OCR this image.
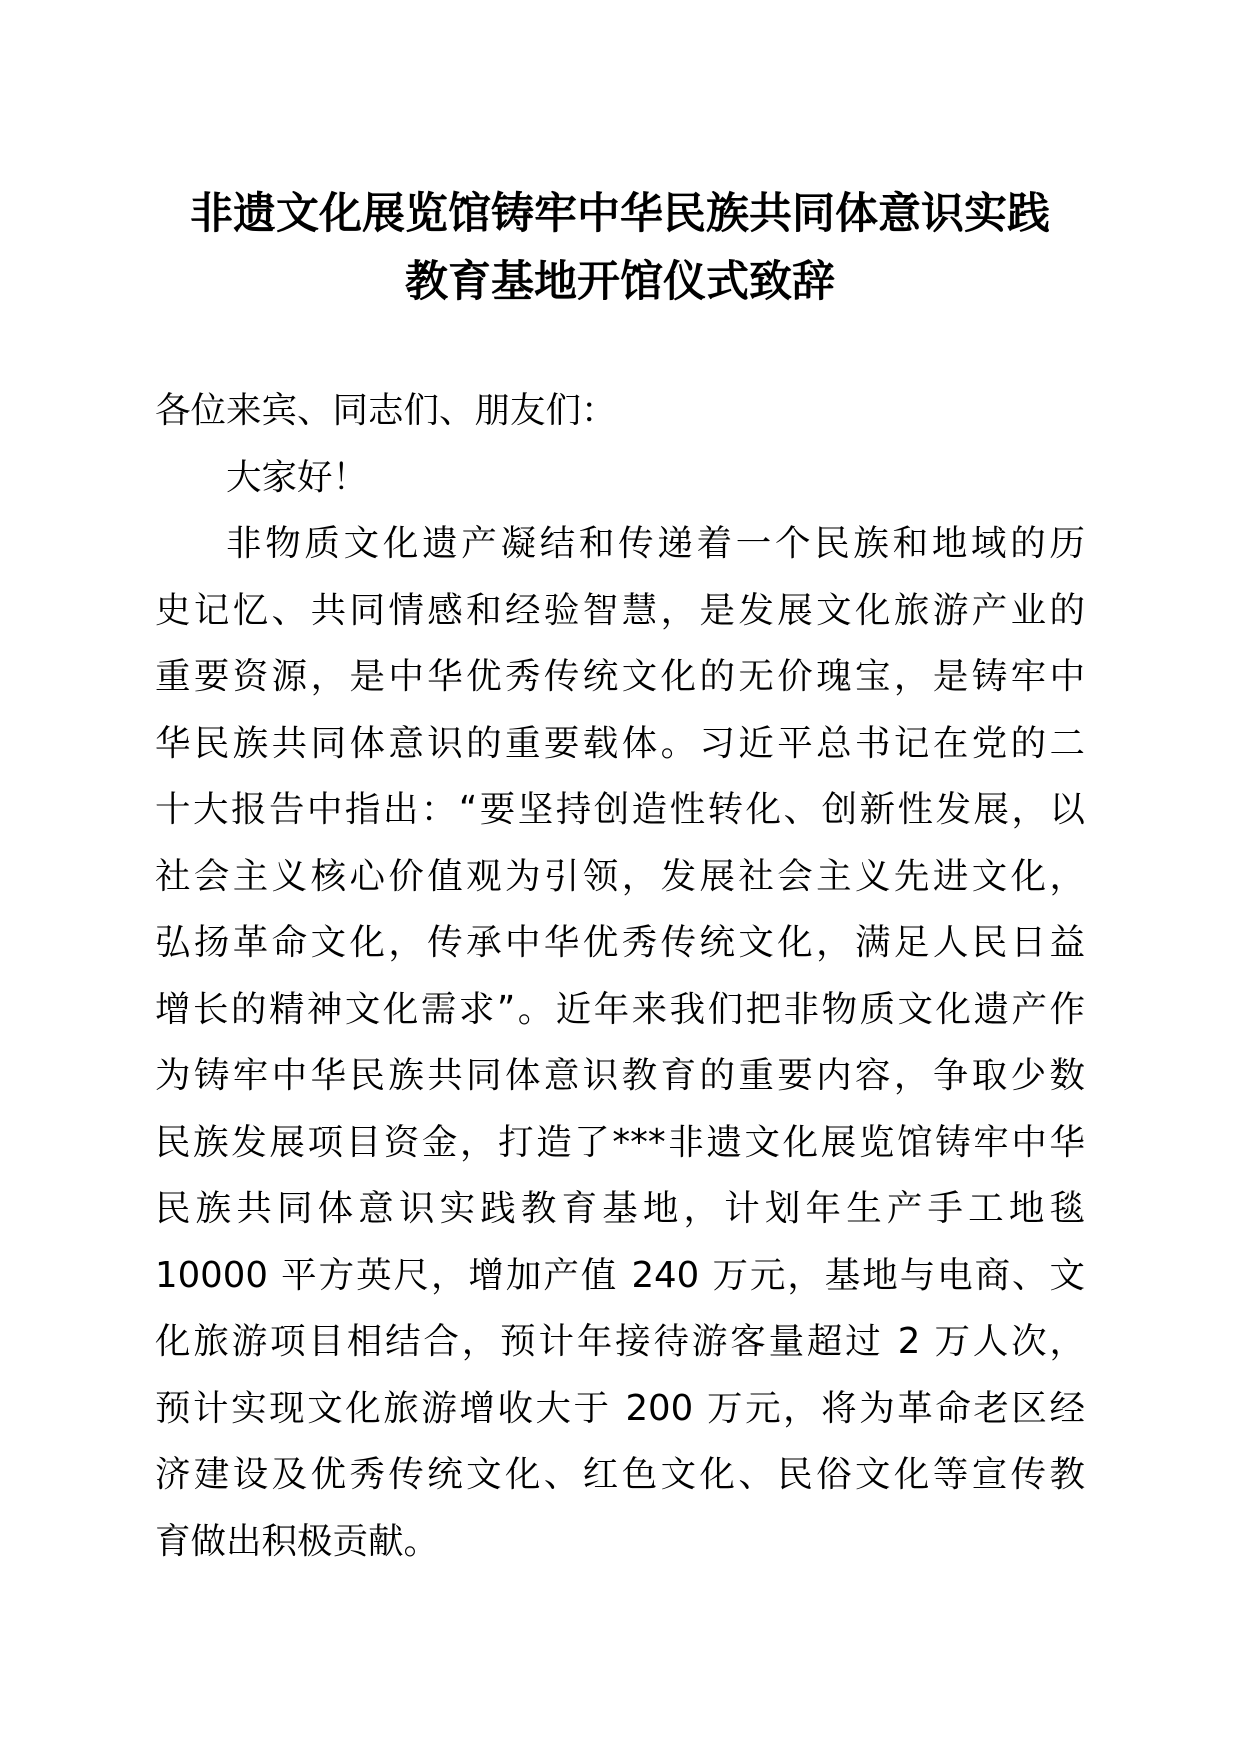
非遗文化展览馆铸牢中华民族共同体意识实践
教育基地开馆仪式致辞

各位来宾、同志们、朋友们：

大家好！

非物质文化遗产凝结和传递着一个民族和地域的历
史记忆、共同情感和经验智慧，是发展文化旅游产业的
重要资源，是中华优秀传统文化的无价瑰宝，是铸牢中
华民族共同体意识的重要载体。习近平总书记在党的二
十大报告中指出：“要坚持创造性转化、创新性发展，以
社会主义核心价值观为引领，发展社会主义先进文化，
弘扬革命文化，传承中华优秀传统文化，满足人民日益
增长的精神文化需求”。近年来我们把非物质文化遗产作
为铸牢中华民族共同体意识教育的重要内容，争取少数
民族发展项目资金，打造了***非遗文化展览馆铸牢中华
民族共同体意识实践教育基地，计划年生产手工地毯
10000 平方英尺，增加产值 240 万元，基地与电商、文
化旅游项目相结合，预计年接待游客量超过 2 万人次，
预计实现文化旅游增收大于 200 万元，将为革命老区经
济建设及优秀传统文化、红色文化、民俗文化等宣传教
育做出积极贡献。
